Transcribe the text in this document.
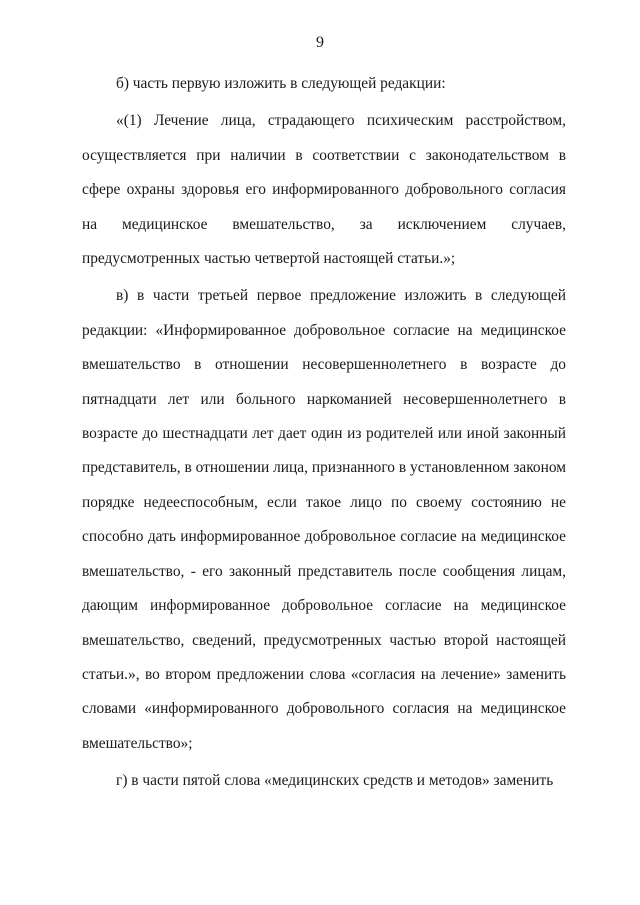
9

б) часть первую изложить в следующей редакции:

«(1) Лечение лица, страдающего психическим расстройством, осуществляется при наличии в соответствии с законодательством в сфере охраны здоровья его информированного добровольного согласия на медицинское вмешательство, за исключением случаев, предусмотренных частью четвертой настоящей статьи.»;

в) в части третьей первое предложение изложить в следующей редакции: «Информированное добровольное согласие на медицинское вмешательство в отношении несовершеннолетнего в возрасте до пятнадцати лет или больного наркоманией несовершеннолетнего в возрасте до шестнадцати лет дает один из родителей или иной законный представитель, в отношении лица, признанного в установленном законом порядке недееспособным, если такое лицо по своему состоянию не способно дать информированное добровольное согласие на медицинское вмешательство, - его законный представитель после сообщения лицам, дающим информированное добровольное согласие на медицинское вмешательство, сведений, предусмотренных частью второй настоящей статьи.», во втором предложении слова «согласия на лечение» заменить словами «информированного добровольного согласия на медицинское вмешательство»;

г) в части пятой слова «медицинских средств и методов» заменить
